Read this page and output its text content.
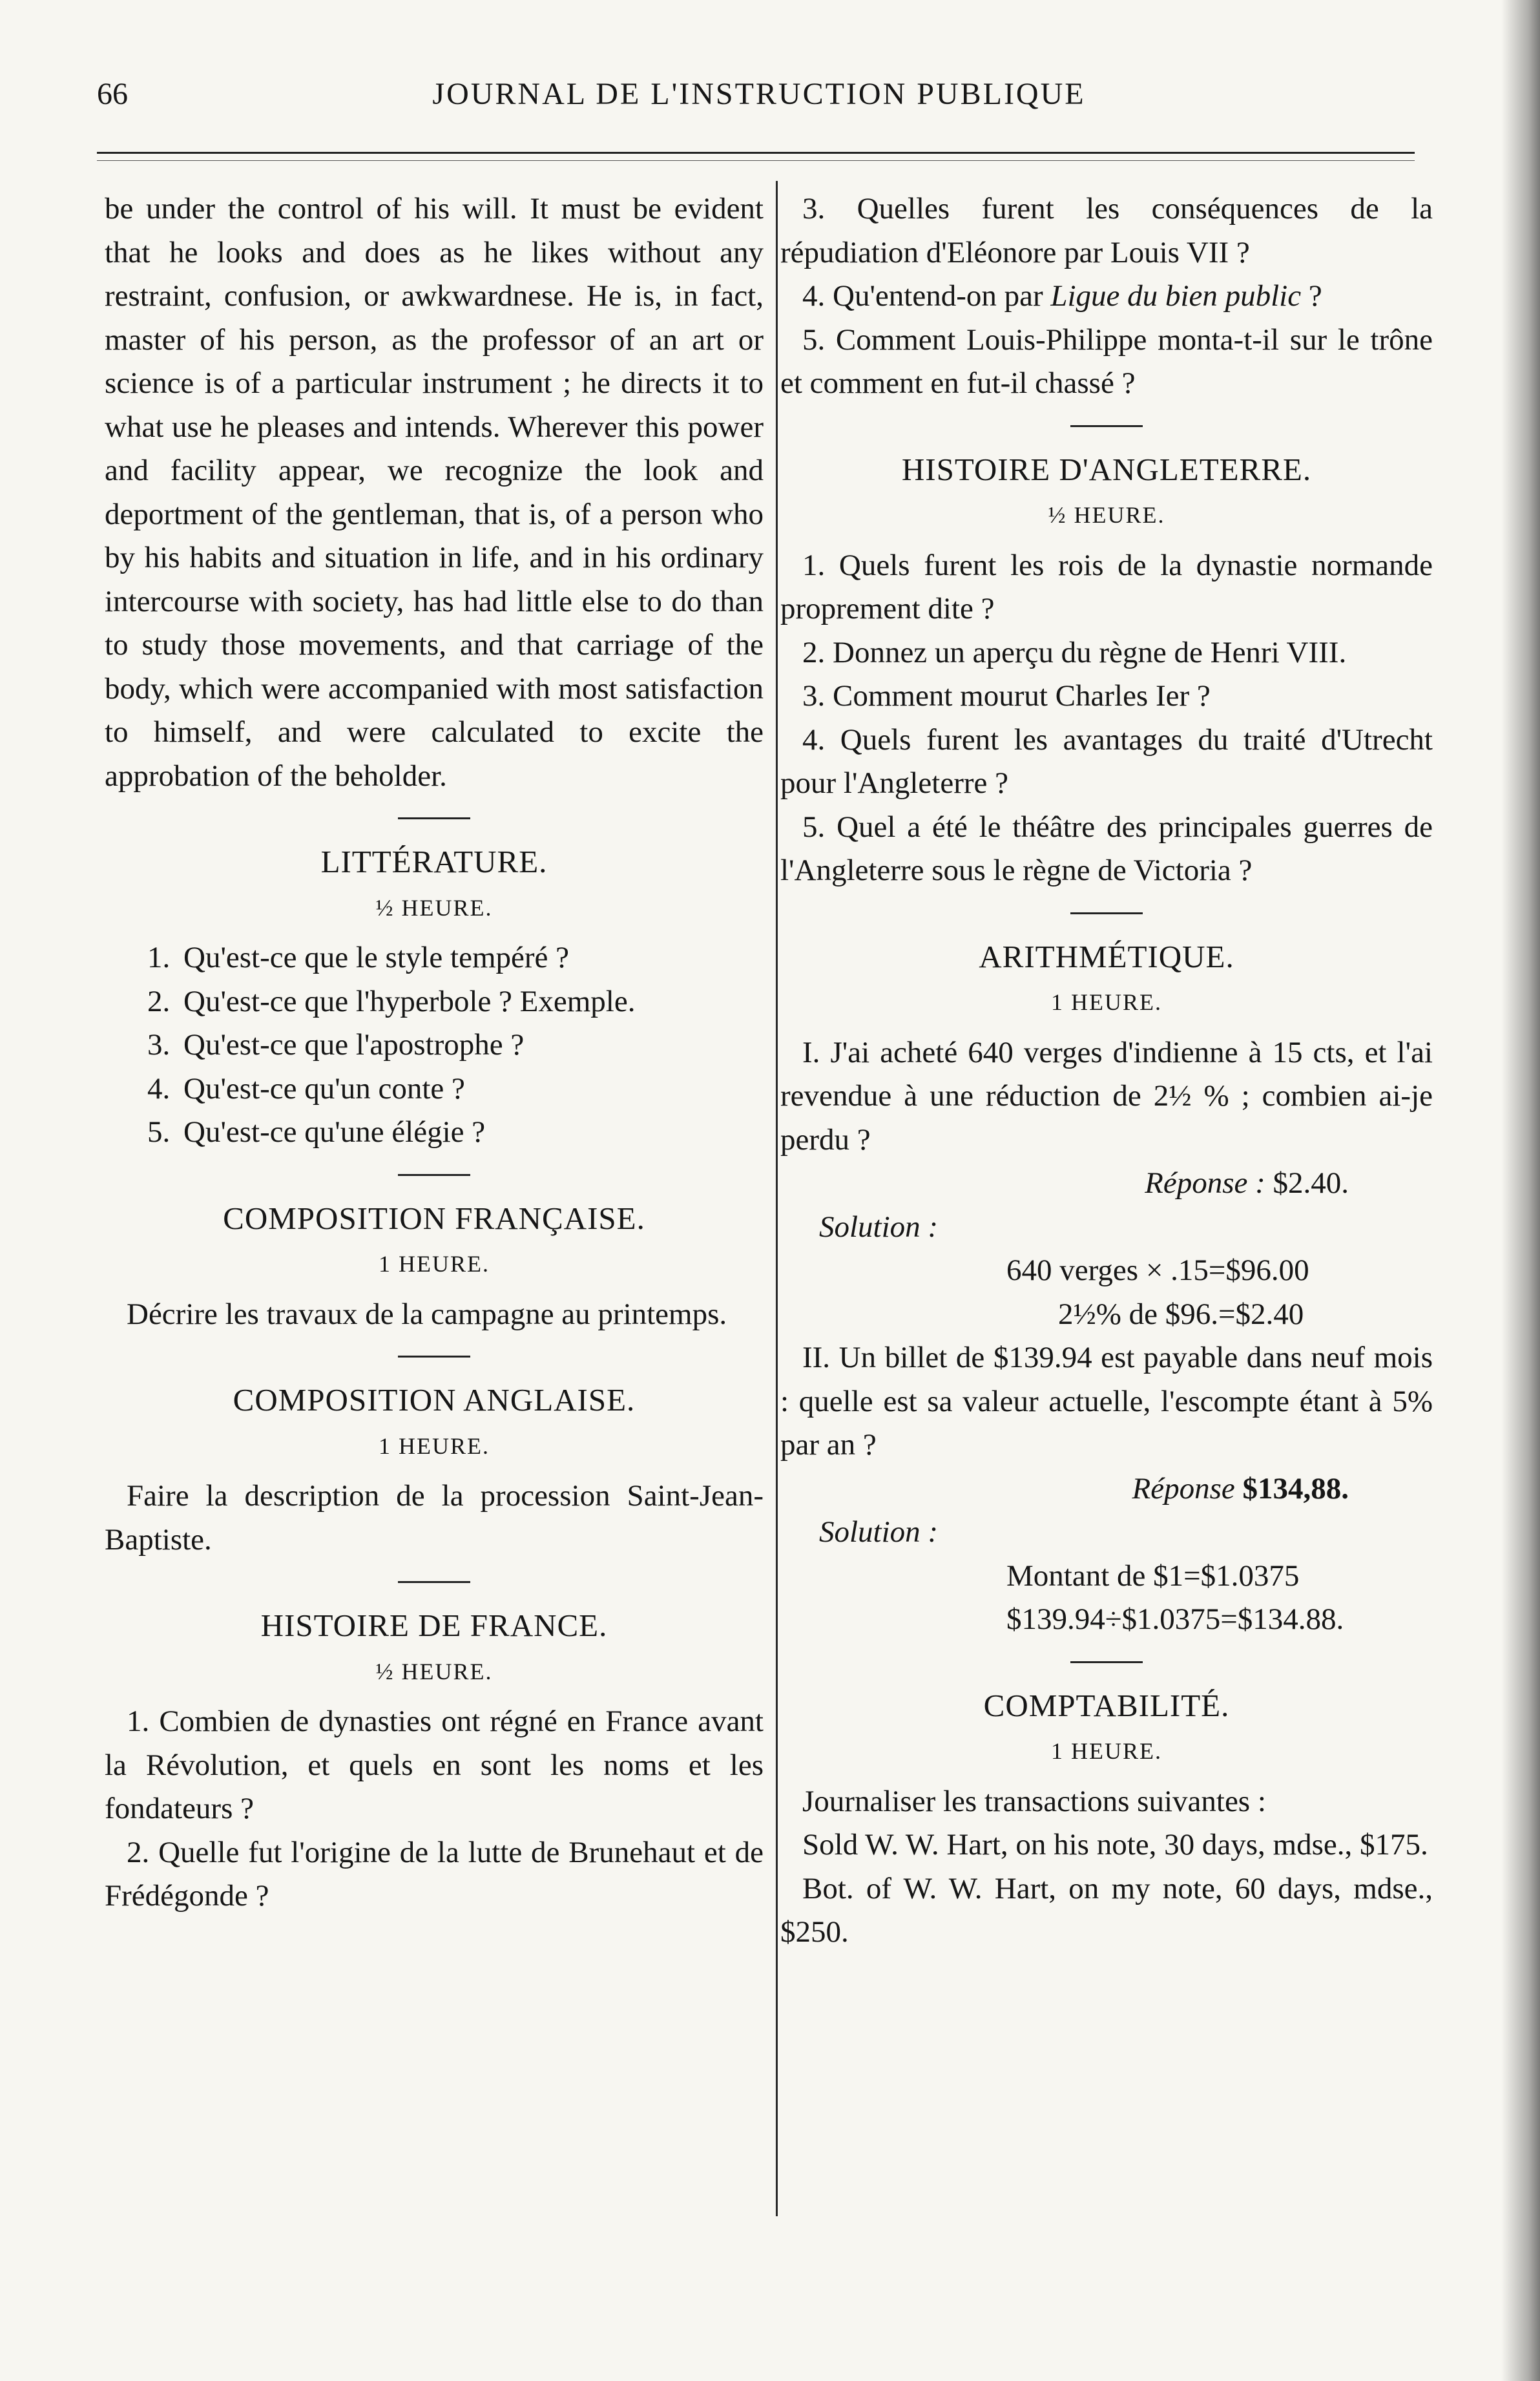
66	JOURNAL DE L'INSTRUCTION PUBLIQUE

be under the control of his will. It must be evident that he looks and does as he likes without any restraint, confusion, or awkwardnese. He is, in fact, master of his person, as the professor of an art or science is of a particular instrument ; he directs it to what use he pleases and intends. Wherever this power and facility appear, we recognize the look and deportment of the gentleman, that is, of a person who by his habits and situation in life, and in his ordinary intercourse with society, has had little else to do than to study those movements, and that carriage of the body, which were accompanied with most satisfaction to himself, and were calculated to excite the approbation of the beholder.

LITTÉRATURE.
½ HEURE.

1. Qu'est-ce que le style tempéré ?

2. Qu'est-ce que l'hyperbole ? Exemple.

3. Qu'est-ce que l'apostrophe ?

4. Qu'est-ce qu'un conte ?

5. Qu'est-ce qu'une élégie ?

COMPOSITION FRANÇAISE.
1 HEURE.

Décrire les travaux de la campagne au printemps.

COMPOSITION ANGLAISE.
1 HEURE.

Faire la description de la procession Saint-Jean-Baptiste.

HISTOIRE DE FRANCE.
½ HEURE.

1. Combien de dynasties ont régné en France avant la Révolution, et quels en sont les noms et les fondateurs ?

2. Quelle fut l'origine de la lutte de Brunehaut et de Frédégonde ?

3. Quelles furent les conséquences de la répudiation d'Eléonore par Louis VII ?

4. Qu'entend-on par Ligue du bien public ?

5. Comment Louis-Philippe monta-t-il sur le trône et comment en fut-il chassé ?

HISTOIRE D'ANGLETERRE.
½ HEURE.

1. Quels furent les rois de la dynastie normande proprement dite ?

2. Donnez un aperçu du règne de Henri VIII.

3. Comment mourut Charles Ier ?

4. Quels furent les avantages du traité d'Utrecht pour l'Angleterre ?

5. Quel a été le théâtre des principales guerres de l'Angleterre sous le règne de Victoria ?

ARITHMÉTIQUE.
1 HEURE.

I. J'ai acheté 640 verges d'indienne à 15 cts, et l'ai revendue à une réduction de 2½ % ; combien ai-je perdu ?

Réponse : $2.40.

Solution :

640 verges × .15=$96.00

2½% de $96.=$2.40

II. Un billet de $139.94 est payable dans neuf mois : quelle est sa valeur actuelle, l'escompte étant à 5% par an ?

Réponse $134,88.

Solution :

Montant de $1=$1.0375

$139.94÷$1.0375=$134.88.

COMPTABILITÉ.
1 HEURE.

Journaliser les transactions suivantes :

Sold W. W. Hart, on his note, 30 days, mdse., $175.

Bot. of W. W. Hart, on my note, 60 days, mdse., $250.
